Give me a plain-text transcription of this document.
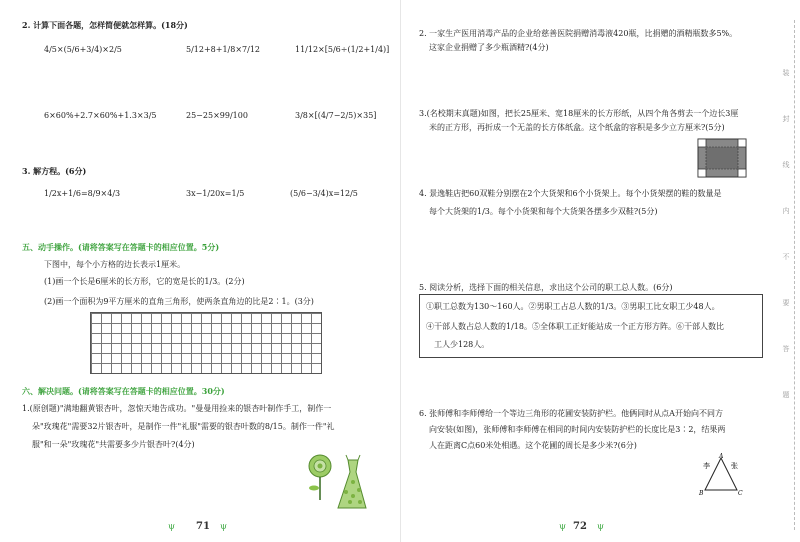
2. 计算下面各题，怎样简便就怎样算。(18分)
4/5×(5/6+3/4)×2/5	5/12+8+1/8×7/12	11/12×[5/6÷(1/2+1/4)]
6×60%+2.7×60%+1.3×3/5	25−25×99/100	3/8×[(4/7−2/5)×35]
3. 解方程。(6分)
1/2x+1/6=8/9×4/3	3x−1/20x=1/5	(5/6−3/4)x=12/5
五、动手操作。(请将答案写在答题卡的相应位置。5分)
下图中，每个小方格的边长表示1厘米。
(1)画一个长是6厘米的长方形，它的宽是长的1/3。(2分)
(2)画一个面积为9平方厘米的直角三角形，使两条直角边的比是2∶1。(3分)
六、解决问题。(请将答案写在答题卡的相应位置。30分)
1.(原创题)"满地翻黄银杏叶，忽惊天地告成功。"曼曼用捡来的银杏叶制作手工，制作一
朵"玫瑰花"需要32片银杏叶，是制作一件"礼服"需要的银杏叶数的8/15。制作一件"礼
服"和一朵"玫瑰花"共需要多少片银杏叶?(4分)
ψ 71 ψ
2. 一家生产医用消毒产品的企业给慈善医院捐赠消毒液420瓶，比捐赠的酒精瓶数多5%。
这家企业捐赠了多少瓶酒精?(4分)
3.(名校期末真题)如图，把长25厘米、宽18厘米的长方形纸，从四个角各剪去一个边长3厘
米的正方形，再折成一个无盖的长方体纸盒。这个纸盒的容积是多少立方厘米?(5分)
4. 景逸鞋店把60双鞋分别摆在2个大货架和6个小货架上。每个小货架摆的鞋的数量是
每个大货架的1/3。每个小货架和每个大货架各摆多少双鞋?(5分)
5. 阅读分析，选择下面的相关信息，求出这个公司的职工总人数。(6分)
①职工总数为130～160人。②男职工占总人数的1/3。③男职工比女职工少48人。
④干部人数占总人数的1/18。⑤全体职工正好能站成一个正方形方阵。⑥干部人数比
工人少128人。
6. 张师傅和李师傅给一个等边三角形的花圃安装防护栏。他俩同时从点A开始向不同方
向安装(如图)，张师傅和李师傅在相同的时间内安装防护栏的长度比是3∶2，结果两
人在距离C点60米处相遇。这个花圃的周长是多少米?(6分)
A
B	C
李	张
ψ 72 ψ
装
封
线
内
不
要
答
题
